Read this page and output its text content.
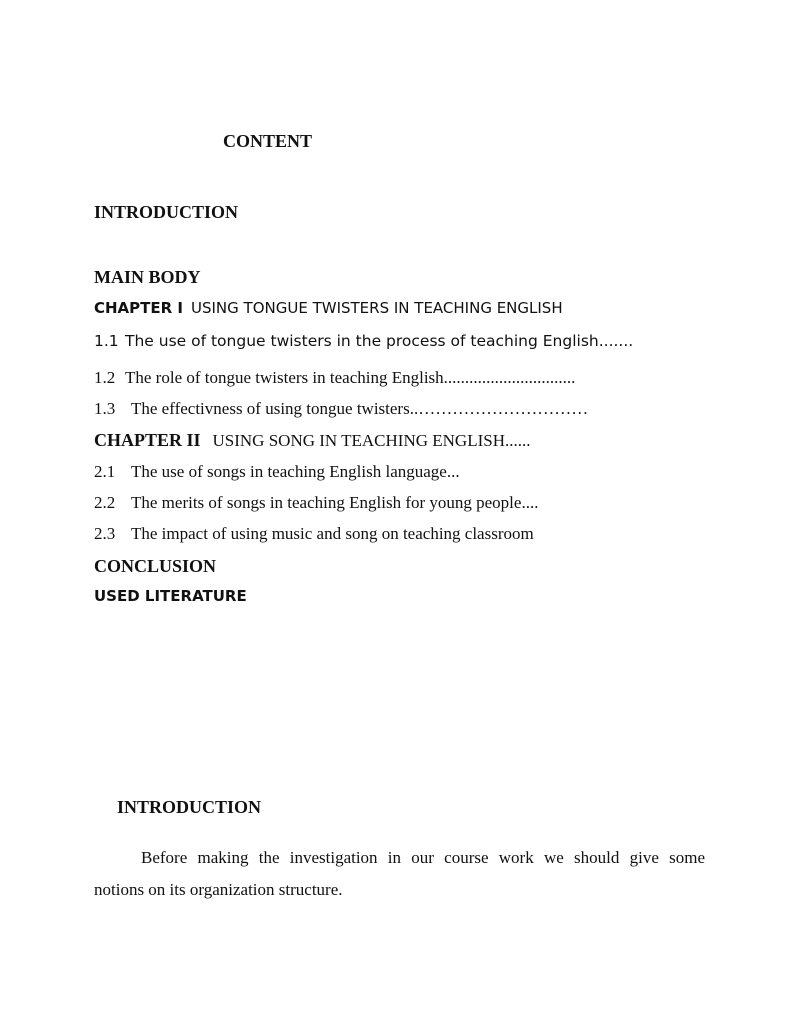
CONTENT
INTRODUCTION
MAIN BODY
CHAPTER I USING TONGUE TWISTERS IN TEACHING ENGLISH
1.1 The use of tongue twisters in the process of teaching English.......
1.2 The role of tongue twisters in teaching English...............................
1.3 The effectivness of using tongue twisters..…………………………
CHAPTER II USING SONG IN TEACHING ENGLISH......
2.1 The use of songs in teaching English language...
2.2 The merits of songs in teaching English for young people....
2.3 The impact of using music and song on teaching classroom
CONCLUSION
USED LITERATURE
INTRODUCTION
Before making the investigation in our course work we should give some
notions on its organization structure.
